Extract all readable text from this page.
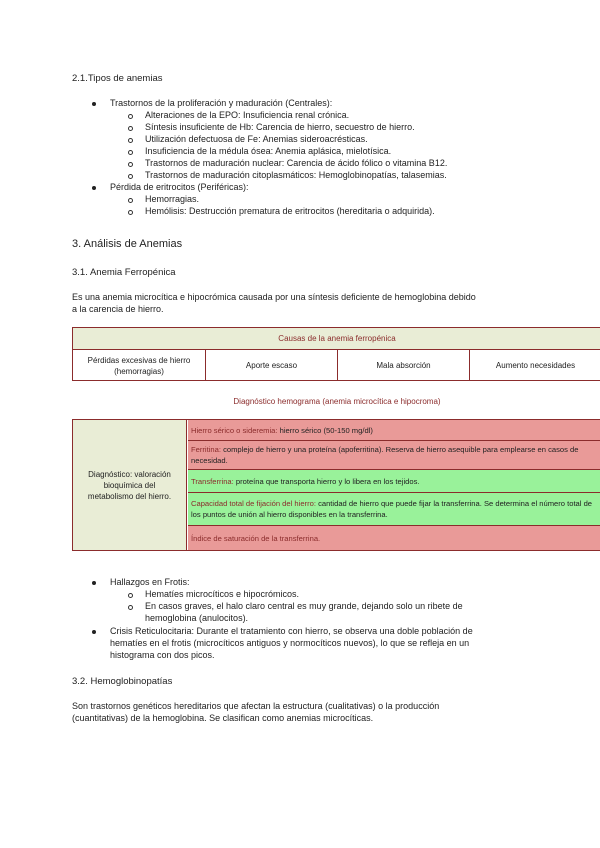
2.1.Tipos de anemias
Trastornos de la proliferación y maduración (Centrales):
Alteraciones de la EPO: Insuficiencia renal crónica.
Síntesis insuficiente de Hb: Carencia de hierro, secuestro de hierro.
Utilización defectuosa de Fe: Anemias sideroacrésticas.
Insuficiencia de la médula ósea: Anemia aplásica, mielotísica.
Trastornos de maduración nuclear: Carencia de ácido fólico o vitamina B12.
Trastornos de maduración citoplasmáticos: Hemoglobinopatías, talasemias.
Pérdida de eritrocitos (Periféricas):
Hemorragias.
Hemólisis: Destrucción prematura de eritrocitos (hereditaria o adquirida).
3. Análisis de Anemias
3.1. Anemia Ferropénica
Es una anemia microcítica e hipocrómica causada por una síntesis deficiente de hemoglobina debido
a la carencia de hierro.
Causas de la anemia ferropénica
Pérdidas excesivas de hierro
(hemorragias)
Aporte escaso	Mala absorción	Aumento necesidades
Diagnóstico hemograma (anemia microcítica e hipocroma)
Diagnóstico: valoración
bioquímica del
metabolismo del hierro.
Hierro sérico o sideremia: hierro sérico (50-150 mg/dl)
Ferritina: complejo de hierro y una proteína (apoferritina). Reserva de hierro asequible para emplearse en casos de necesidad.
Transferrina: proteína que transporta hierro y lo libera en los tejidos.
Capacidad total de fijación del hierro: cantidad de hierro que puede fijar la transferrina. Se determina el número total de los puntos de unión al hierro disponibles en la transferrina.
Índice de saturación de la transferrina.
Hallazgos en Frotis:
Hematíes microcíticos e hipocrómicos.
En casos graves, el halo claro central es muy grande, dejando solo un ribete de
hemoglobina (anulocitos).
Crisis Reticulocitaria: Durante el tratamiento con hierro, se observa una doble población de
hematíes en el frotis (microcíticos antiguos y normocíticos nuevos), lo que se refleja en un
histograma con dos picos.
3.2. Hemoglobinopatías
Son trastornos genéticos hereditarios que afectan la estructura (cualitativas) o la producción
(cuantitativas) de la hemoglobina. Se clasifican como anemias microcíticas.
